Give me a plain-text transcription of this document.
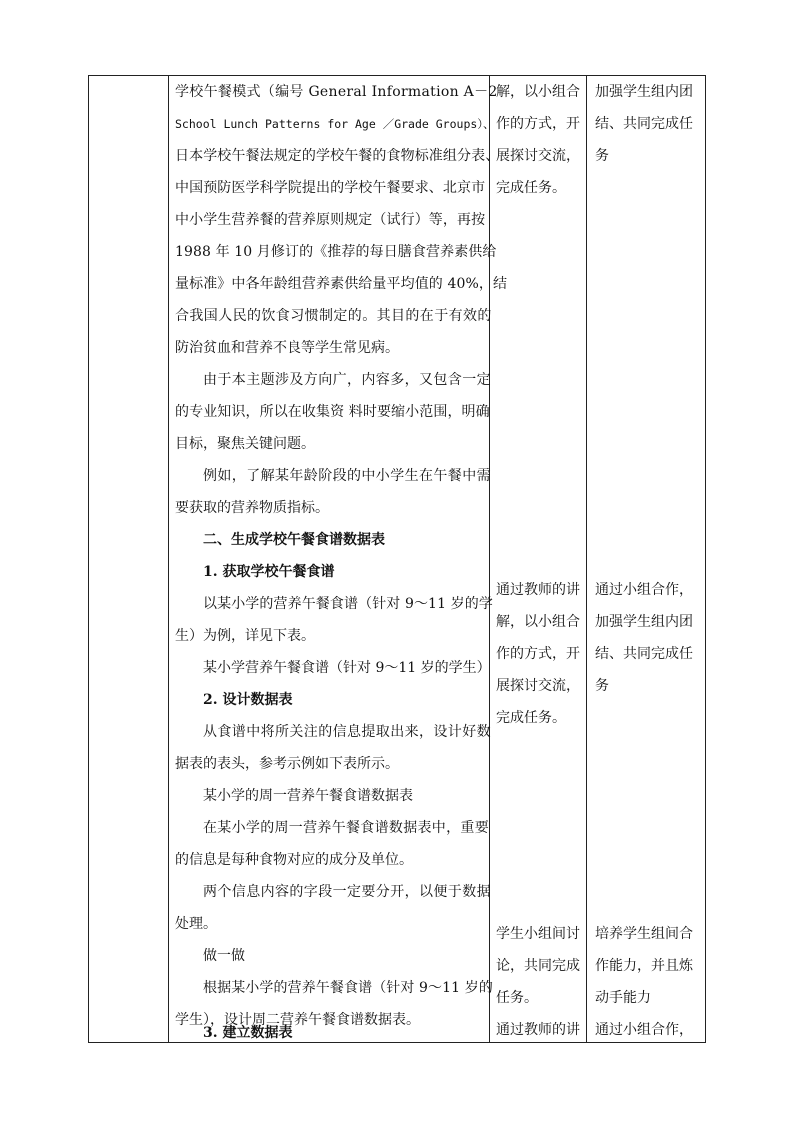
学校午餐模式（编号 General Information A－2
School Lunch Patterns for Age ／Grade Groups）、
日本学校午餐法规定的学校午餐的食物标准组分表、
中国预防医学科学院提出的学校午餐要求、北京市
中小学生营养餐的营养原则规定（试行）等，再按
1988 年 10 月修订的《推荐的每日膳食营养素供给
量标准》中各年龄组营养素供给量平均值的 40%，结
合我国人民的饮食习惯制定的。其目的在于有效的
防治贫血和营养不良等学生常见病。
由于本主题涉及方向广，内容多，又包含一定
的专业知识，所以在收集资 料时要缩小范围，明确
目标，聚焦关键问题。
例如，了解某年龄阶段的中小学生在午餐中需
要获取的营养物质指标。
二、生成学校午餐食谱数据表
1. 获取学校午餐食谱
以某小学的营养午餐食谱（针对 9～11 岁的学
生）为例，详见下表。
某小学营养午餐食谱（针对 9～11 岁的学生）
2. 设计数据表
从食谱中将所关注的信息提取出来，设计好数
据表的表头，参考示例如下表所示。
某小学的周一营养午餐食谱数据表
在某小学的周一营养午餐食谱数据表中，重要
的信息是每种食物对应的成分及单位。
两个信息内容的字段一定要分开，以便于数据
处理。
做一做
根据某小学的营养午餐食谱（针对 9～11 岁的
学生），设计周二营养午餐食谱数据表。
3. 建立数据表
解，以小组合
作的方式，开
展探讨交流，
完成任务。
通过教师的讲
解，以小组合
作的方式，开
展探讨交流，
完成任务。
学生小组间讨
论，共同完成
任务。
通过教师的讲
加强学生组内团
结、共同完成任
务
通过小组合作，
加强学生组内团
结、共同完成任
务
培养学生组间合
作能力，并且炼
动手能力
通过小组合作，
